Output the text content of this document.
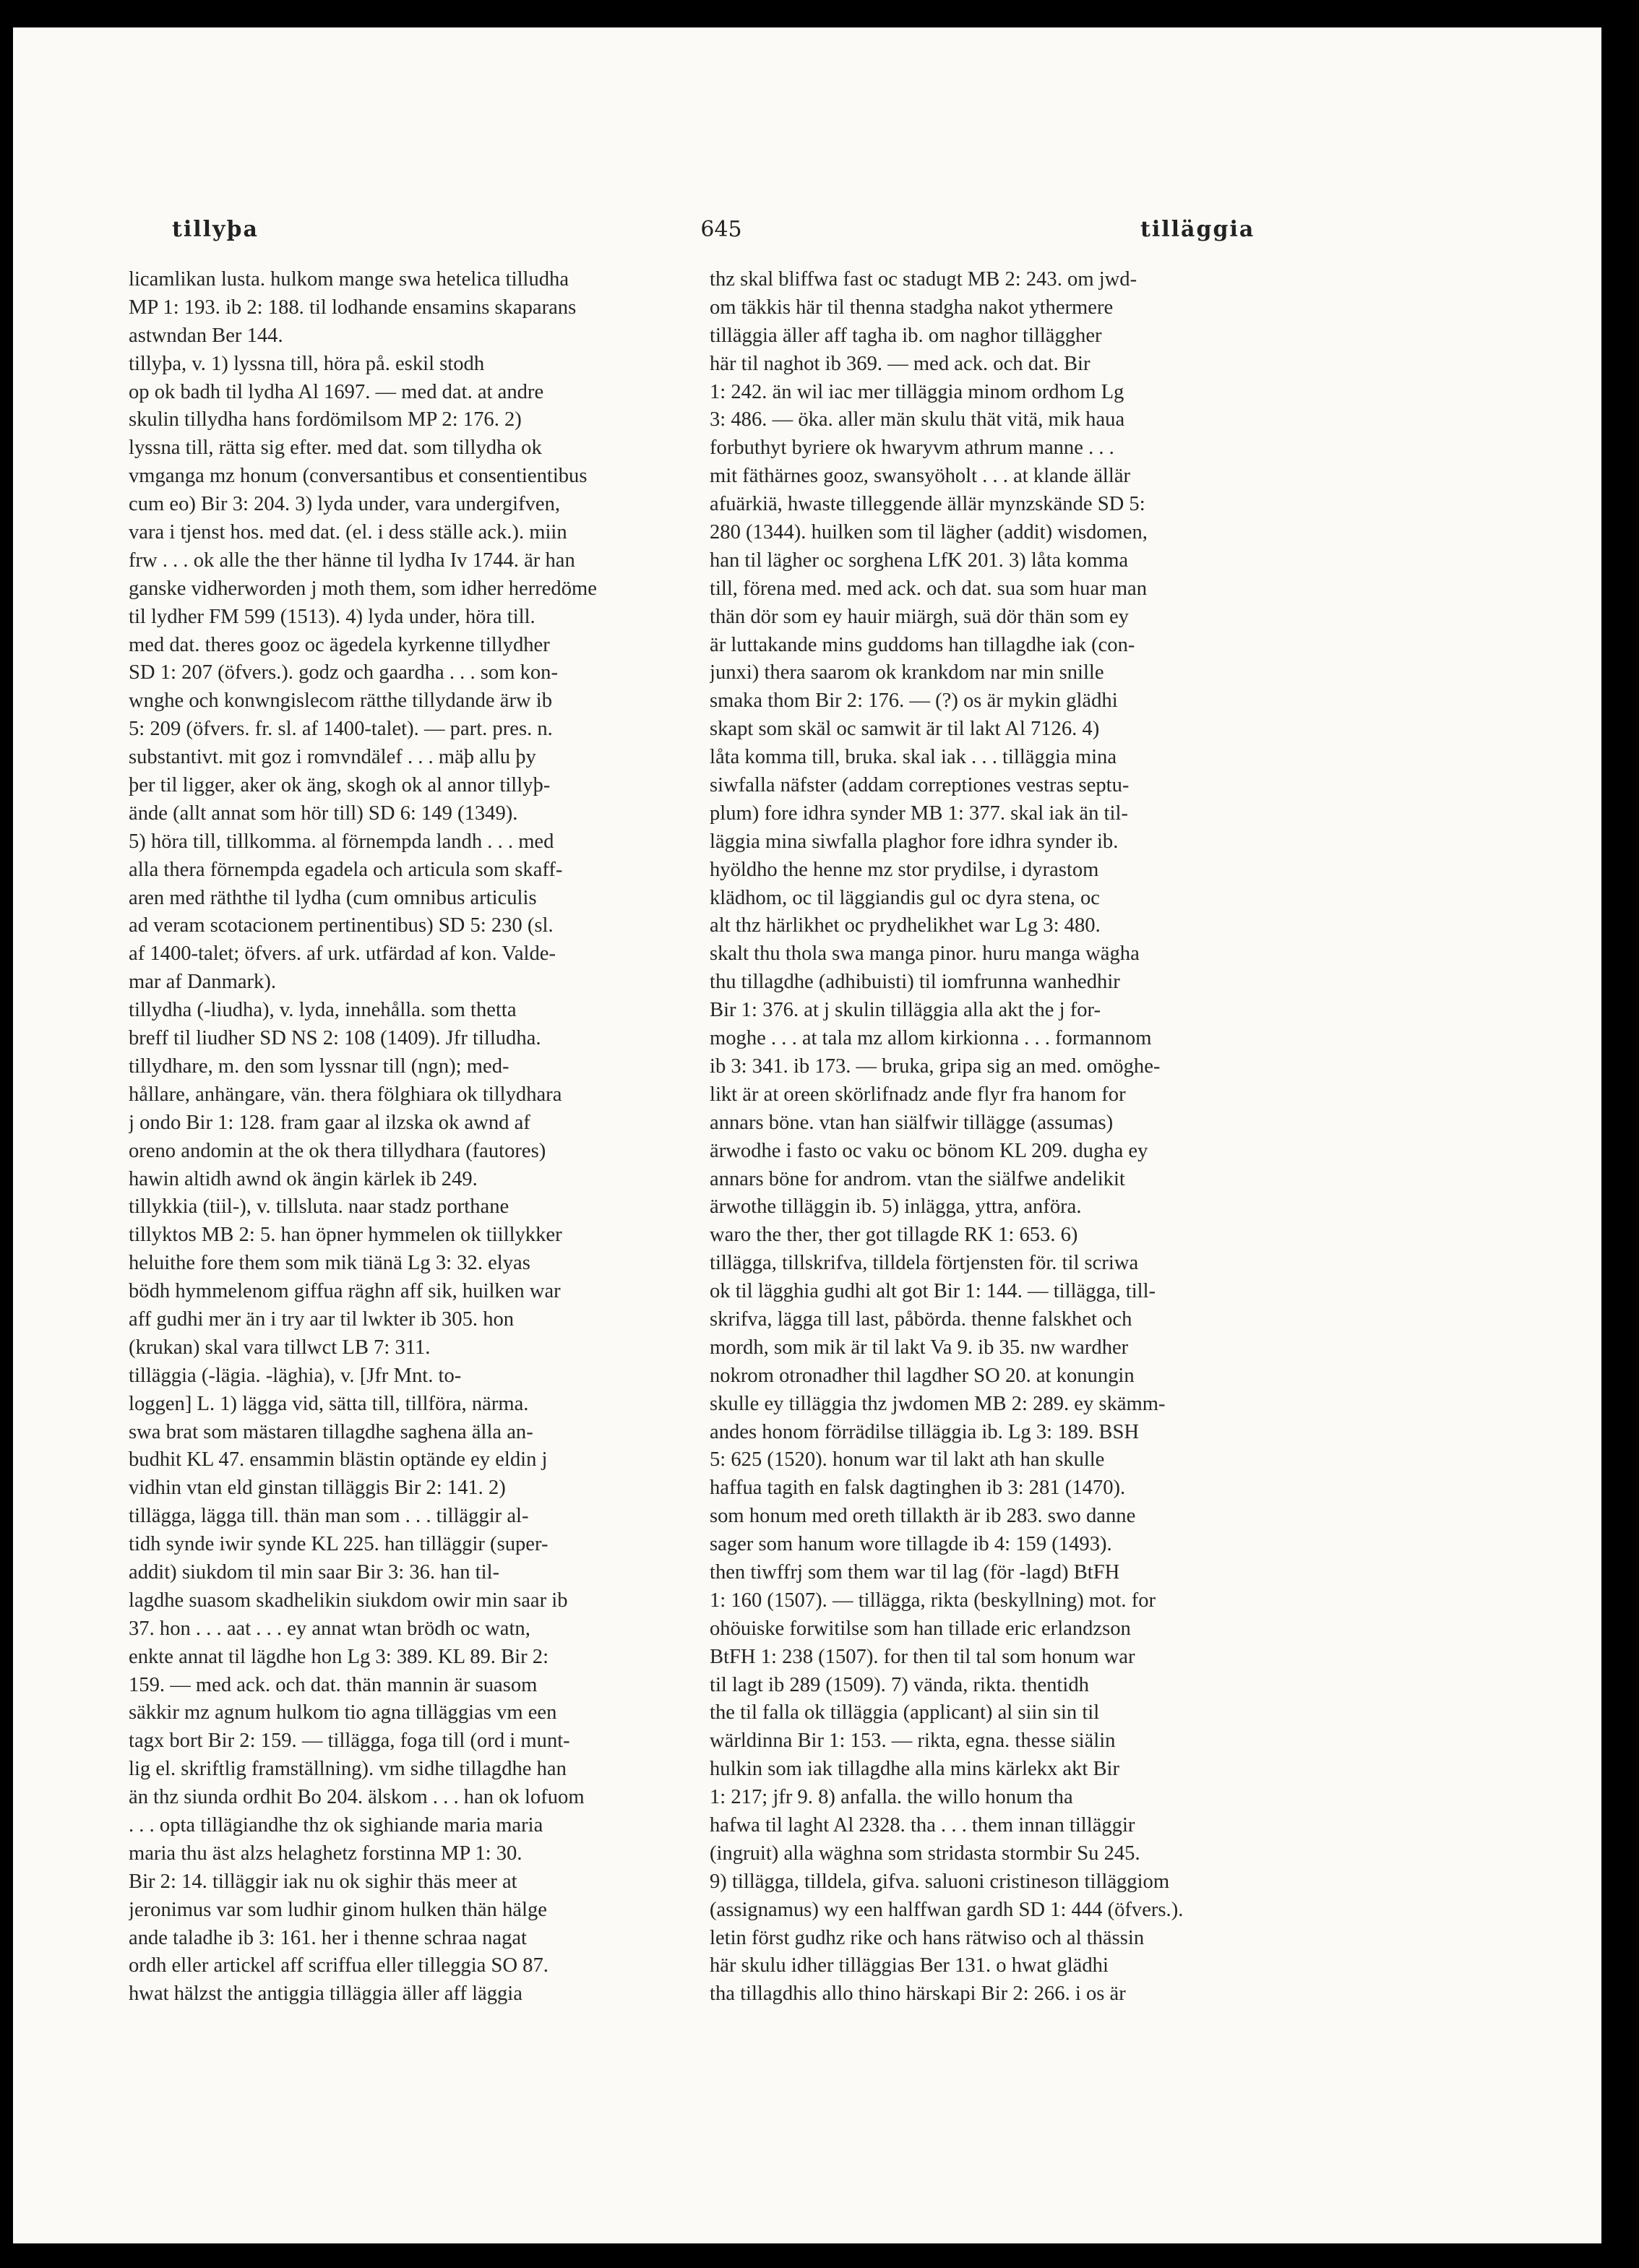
tillyþa	645	tilläggia
licamlikan lusta. hulkom mange swa hetelica tilludha
MP 1: 193. ib 2: 188. til lodhande ensamins skaparans
astwndan Ber 144.
tillyþa, v. 1) lyssna till, höra på. eskil stodh
op ok badh til lydha Al 1697. — med dat. at andre
skulin tillydha hans fordömilsom MP 2: 176. 2)
lyssna till, rätta sig efter. med dat. som tillydha ok
vmganga mz honum (conversantibus et consentientibus
cum eo) Bir 3: 204. 3) lyda under, vara undergifven,
vara i tjenst hos. med dat. (el. i dess ställe ack.). miin
frw . . . ok alle the ther hänne til lydha Iv 1744. är han
ganske vidherworden j moth them, som idher herredöme
til lydher FM 599 (1513). 4) lyda under, höra till.
med dat. theres gooz oc ägedela kyrkenne tillydher
SD 1: 207 (öfvers.). godz och gaardha . . . som kon-
wnghe och konwngislecom rätthe tillydande ärw ib
5: 209 (öfvers. fr. sl. af 1400-talet). — part. pres. n.
substantivt. mit goz i romvndälef . . . mäþ allu þy
þer til ligger, aker ok äng, skogh ok al annor tillyþ-
ände (allt annat som hör till) SD 6: 149 (1349).
5) höra till, tillkomma. al förnempda landh . . . med
alla thera förnempda egadela och articula som skaff-
aren med räththe til lydha (cum omnibus articulis
ad veram scotacionem pertinentibus) SD 5: 230 (sl.
af 1400-talet; öfvers. af urk. utfärdad af kon. Valde-
mar af Danmark).
tillydha (-liudha), v. lyda, innehålla. som thetta
breff til liudher SD NS 2: 108 (1409). Jfr tilludha.
tillydhare, m. den som lyssnar till (ngn); med-
hållare, anhängare, vän. thera fölghiara ok tillydhara
j ondo Bir 1: 128. fram gaar al ilzska ok awnd af
oreno andomin at the ok thera tillydhara (fautores)
hawin altidh awnd ok ängin kärlek ib 249.
tillykkia (tiil-), v. tillsluta. naar stadz porthane
tillyktos MB 2: 5. han öpner hymmelen ok tiillykker
heluithe fore them som mik tiänä Lg 3: 32. elyas
bödh hymmelenom giffua räghn aff sik, huilken war
aff gudhi mer än i try aar til lwkter ib 305. hon
(krukan) skal vara tillwct LB 7: 311.
tilläggia (-lägia. -läghia), v. [Jfr Mnt. to-
loggen] L. 1) lägga vid, sätta till, tillföra, närma.
swa brat som mästaren tillagdhe saghena älla an-
budhit KL 47. ensammin blästin optände ey eldin j
vidhin vtan eld ginstan tilläggis Bir 2: 141. 2)
tillägga, lägga till. thän man som . . . tilläggir al-
tidh synde iwir synde KL 225. han tilläggir (super-
addit) siukdom til min saar Bir 3: 36. han til-
lagdhe suasom skadhelikin siukdom owir min saar ib
37. hon . . . aat . . . ey annat wtan brödh oc watn,
enkte annat til lägdhe hon Lg 3: 389. KL 89. Bir 2:
159. — med ack. och dat. thän mannin är suasom
säkkir mz agnum hulkom tio agna tilläggias vm een
tagx bort Bir 2: 159. — tillägga, foga till (ord i munt-
lig el. skriftlig framställning). vm sidhe tillagdhe han
än thz siunda ordhit Bo 204. älskom . . . han ok lofuom
. . . opta tillägiandhe thz ok sighiande maria maria
maria thu äst alzs helaghetz forstinna MP 1: 30.
Bir 2: 14. tilläggir iak nu ok sighir thäs meer at
jeronimus var som ludhir ginom hulken thän hälge
ande taladhe ib 3: 161. her i thenne schraa nagat
ordh eller artickel aff scriffua eller tilleggia SO 87.
hwat hälzst the antiggia tilläggia äller aff läggia
thz skal bliffwa fast oc stadugt MB 2: 243. om jwd-
om täkkis här til thenna stadgha nakot ythermere
tilläggia äller aff tagha ib. om naghor tilläggher
här til naghot ib 369. — med ack. och dat. Bir
1: 242. än wil iac mer tilläggia minom ordhom Lg
3: 486. — öka. aller män skulu thät vitä, mik haua
forbuthyt byriere ok hwaryvm athrum manne . . .
mit fäthärnes gooz, swansyöholt . . . at klande ällär
afuärkiä, hwaste tilleggende ällär mynzskände SD 5:
280 (1344). huilken som til lägher (addit) wisdomen,
han til lägher oc sorghena LfK 201. 3) låta komma
till, förena med. med ack. och dat. sua som huar man
thän dör som ey hauir miärgh, suä dör thän som ey
är luttakande mins guddoms han tillagdhe iak (con-
junxi) thera saarom ok krankdom nar min snille
smaka thom Bir 2: 176. — (?) os är mykin glädhi
skapt som skäl oc samwit är til lakt Al 7126. 4)
låta komma till, bruka. skal iak . . . tilläggia mina
siwfalla näfster (addam correptiones vestras septu-
plum) fore idhra synder MB 1: 377. skal iak än til-
läggia mina siwfalla plaghor fore idhra synder ib.
hyöldho the henne mz stor prydilse, i dyrastom
klädhom, oc til läggiandis gul oc dyra stena, oc
alt thz härlikhet oc prydhelikhet war Lg 3: 480.
skalt thu thola swa manga pinor. huru manga wägha
thu tillagdhe (adhibuisti) til iomfrunna wanhedhir
Bir 1: 376. at j skulin tilläggia alla akt the j for-
moghe . . . at tala mz allom kirkionna . . . formannom
ib 3: 341. ib 173. — bruka, gripa sig an med. omöghe-
likt är at oreen skörlifnadz ande flyr fra hanom for
annars böne. vtan han siälfwir tilläggе (assumas)
ärwodhe i fasto oc vaku oc bönom KL 209. dugha ey
annars böne for androm. vtan the siälfwe andelikit
ärwothe tilläggin ib. 5) inlägga, yttra, anföra.
waro the ther, ther got tillagde RK 1: 653. 6)
tillägga, tillskrifva, tilldela förtjensten för. til scriwa
ok til lägghia gudhi alt got Bir 1: 144. — tillägga, till-
skrifva, lägga till last, påbörda. thenne falskhet och
mordh, som mik är til lakt Va 9. ib 35. nw wardher
nokrom otronadher thil lagdher SO 20. at konungin
skulle ey tilläggia thz jwdomen MB 2: 289. ey skämm-
andes honom förrädilse tilläggia ib. Lg 3: 189. BSH
5: 625 (1520). honum war til lakt ath han skulle
haffua tagith en falsk dagtinghen ib 3: 281 (1470).
som honum med oreth tillakth är ib 283. swo danne
sager som hanum wore tillagde ib 4: 159 (1493).
then tiwffrj som them war til lag (för -lagd) BtFH
1: 160 (1507). — tillägga, rikta (beskyllning) mot. for
ohöuiske forwitilse som han tillade eric erlandzson
BtFH 1: 238 (1507). for then til tal som honum war
til lagt ib 289 (1509). 7) vända, rikta. thentidh
the til falla ok tilläggia (applicant) al siin sin til
wärldinna Bir 1: 153. — rikta, egna. thesse siälin
hulkin som iak tillagdhe alla mins kärlekx akt Bir
1: 217; jfr 9. 8) anfalla. the willo honum tha
hafwa til laght Al 2328. tha . . . them innan tilläggir
(ingruit) alla wäghna som stridasta stormbir Su 245.
9) tillägga, tilldela, gifva. saluoni cristineson tilläggiom
(assignamus) wy een halffwan gardh SD 1: 444 (öfvers.).
letin först gudhz rike och hans rätwiso och al thässin
här skulu idher tilläggias Ber 131. o hwat glädhi
tha tillagdhis allo thino härskapi Bir 2: 266. i os är
